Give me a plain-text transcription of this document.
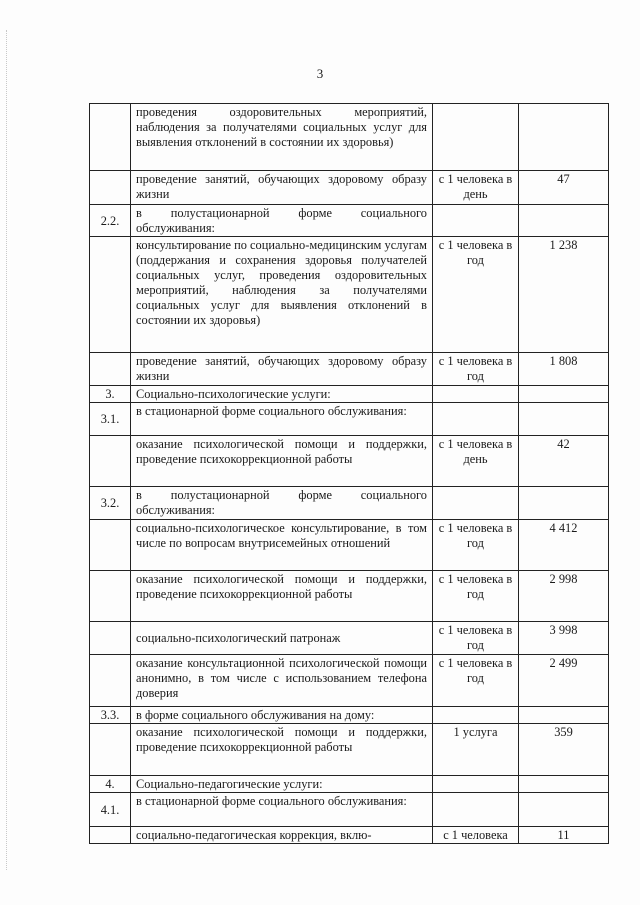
3
	проведения оздоровительных мероприятий, наблюдения за получателями социальных услуг для выявления отклонений в состоянии их здоровья)		
	проведение занятий, обучающих здоровому образу жизни	с 1 человека в день	47
2.2.	в полустационарной форме социального обслуживания:		
	консультирование по социально-медицинским услугам (поддержания и сохранения здоровья получателей социальных услуг, проведения оздоровительных мероприятий, наблюдения за получателями социальных услуг для выявления отклонений в состоянии их здоровья)	с 1 человека в год	1 238
	проведение занятий, обучающих здоровому образу жизни	с 1 человека в год	1 808
3.	Социально-психологические услуги:		
3.1.	в стационарной форме социального обслуживания:		
	оказание психологической помощи и поддержки, проведение психокоррекционной работы	с 1 человека в день	42
3.2.	в полустационарной форме социального обслуживания:		
	социально-психологическое консультирование, в том числе по вопросам внутрисемейных отношений	с 1 человека в год	4 412
	оказание психологической помощи и поддержки, проведение психокоррекционной работы	с 1 человека в год	2 998
	социально-психологический патронаж	с 1 человека в год	3 998
	оказание консультационной психологической помощи анонимно, в том числе с использованием телефона доверия	с 1 человека в год	2 499
3.3.	в форме социального обслуживания на дому:		
	оказание психологической помощи и поддержки, проведение психокоррекционной работы	1 услуга	359
4.	Социально-педагогические услуги:		
4.1.	в стационарной форме социального обслуживания:		
	социально-педагогическая коррекция, вклю-	с 1 человека	11
